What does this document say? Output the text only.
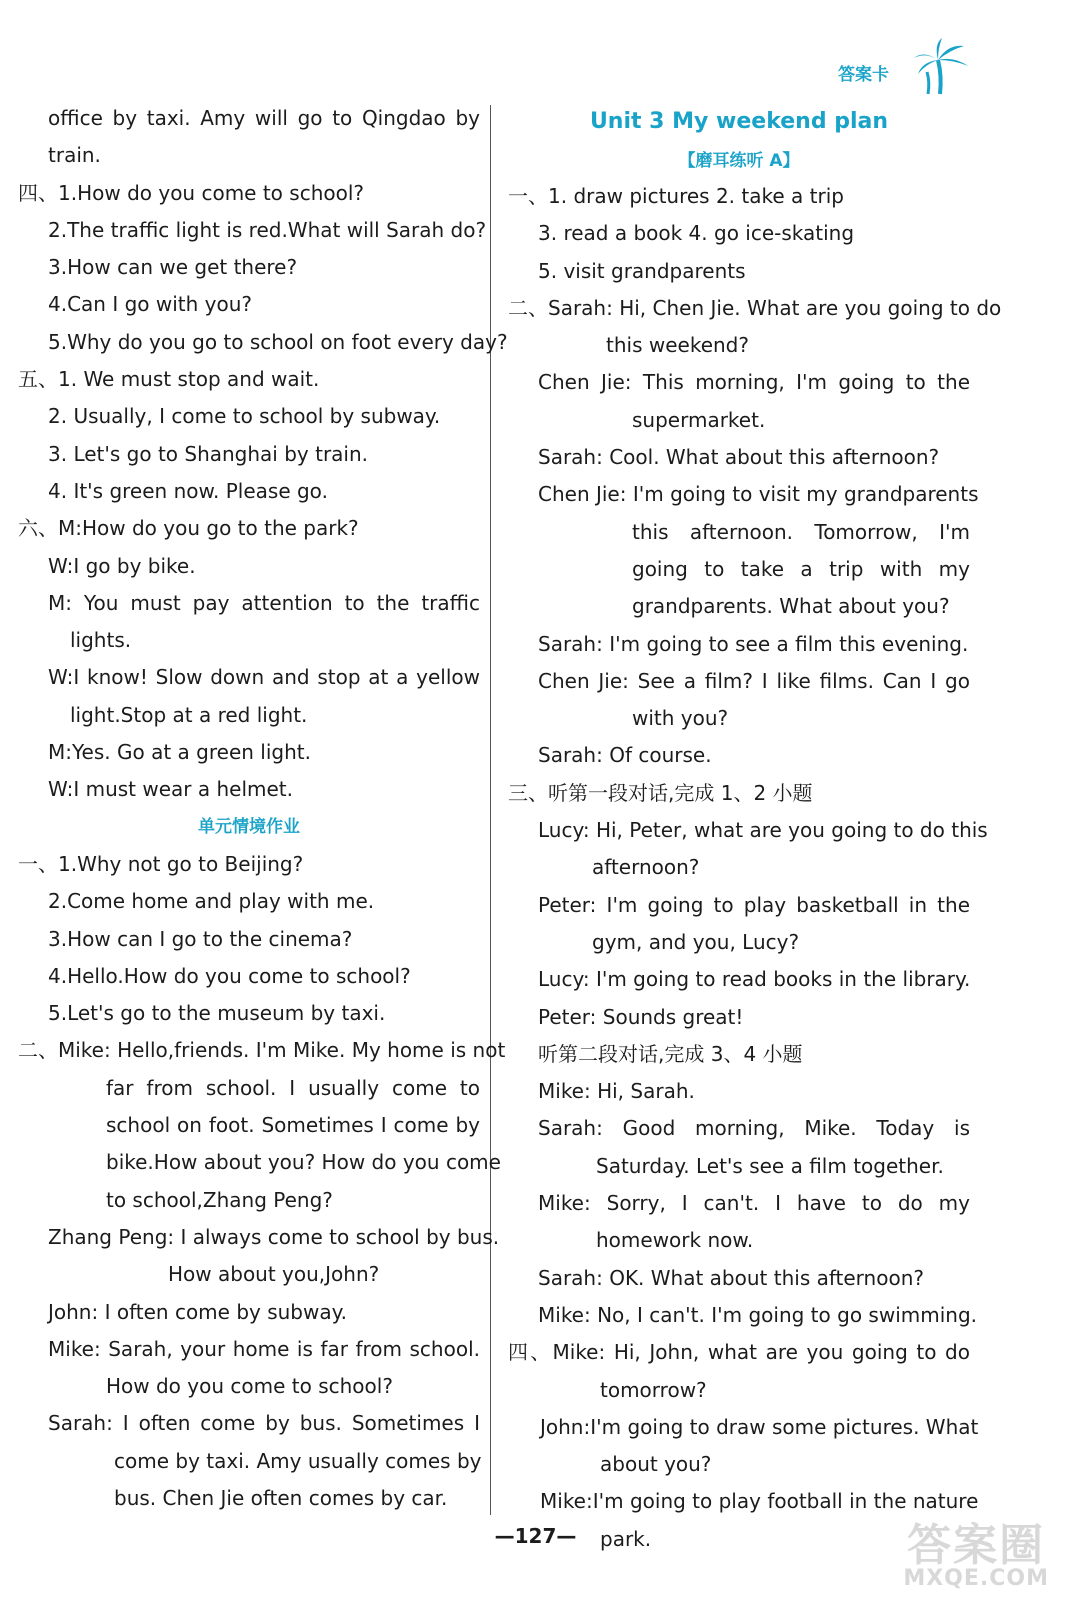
答案卡
office by taxi. Amy will go to Qingdao by
train.
四、1.How do you come to school?
2.The traffic light is red.What will Sarah do?
3.How can we get there?
4.Can I go with you?
5.Why do you go to school on foot every day?
五、1. We must stop and wait.
2. Usually, I come to school by subway.
3. Let's go to Shanghai by train.
4. It's green now. Please go.
六、M:How do you go to the park?
W:I go by bike.
M: You must pay attention to the traffic
lights.
W:I know! Slow down and stop at a yellow
light.Stop at a red light.
M:Yes. Go at a green light.
W:I must wear a helmet.
单元情境作业
一、1.Why not go to Beijing?
2.Come home and play with me.
3.How can I go to the cinema?
4.Hello.How do you come to school?
5.Let's go to the museum by taxi.
二、Mike: Hello,friends. I'm Mike. My home is not
far from school. I usually come to
school on foot. Sometimes I come by
bike.How about you? How do you come
to school,Zhang Peng?
Zhang Peng: I always come to school by bus.
How about you,John?
John: I often come by subway.
Mike: Sarah, your home is far from school.
How do you come to school?
Sarah: I often come by bus. Sometimes I
come by taxi. Amy usually comes by
bus. Chen Jie often comes by car.
Unit 3 My weekend plan
【磨耳练听 A】
一、1. draw pictures 2. take a trip
3. read a book 4. go ice-skating
5. visit grandparents
二、Sarah: Hi, Chen Jie. What are you going to do
this weekend?
Chen Jie: This morning, I'm going to the
supermarket.
Sarah: Cool. What about this afternoon?
Chen Jie: I'm going to visit my grandparents
this afternoon. Tomorrow, I'm
going to take a trip with my
grandparents. What about you?
Sarah: I'm going to see a film this evening.
Chen Jie: See a film? I like films. Can I go
with you?
Sarah: Of course.
三、听第一段对话,完成 1、2 小题
Lucy: Hi, Peter, what are you going to do this
afternoon?
Peter: I'm going to play basketball in the
gym, and you, Lucy?
Lucy: I'm going to read books in the library.
Peter: Sounds great!
听第二段对话,完成 3、4 小题
Mike: Hi, Sarah.
Sarah: Good morning, Mike. Today is
Saturday. Let's see a film together.
Mike: Sorry, I can't. I have to do my
homework now.
Sarah: OK. What about this afternoon?
Mike: No, I can't. I'm going to go swimming.
四、Mike: Hi, John, what are you going to do
tomorrow?
John:I'm going to draw some pictures. What
about you?
Mike:I'm going to play football in the nature
park.
—127—	答案圈
MXQE.COM
